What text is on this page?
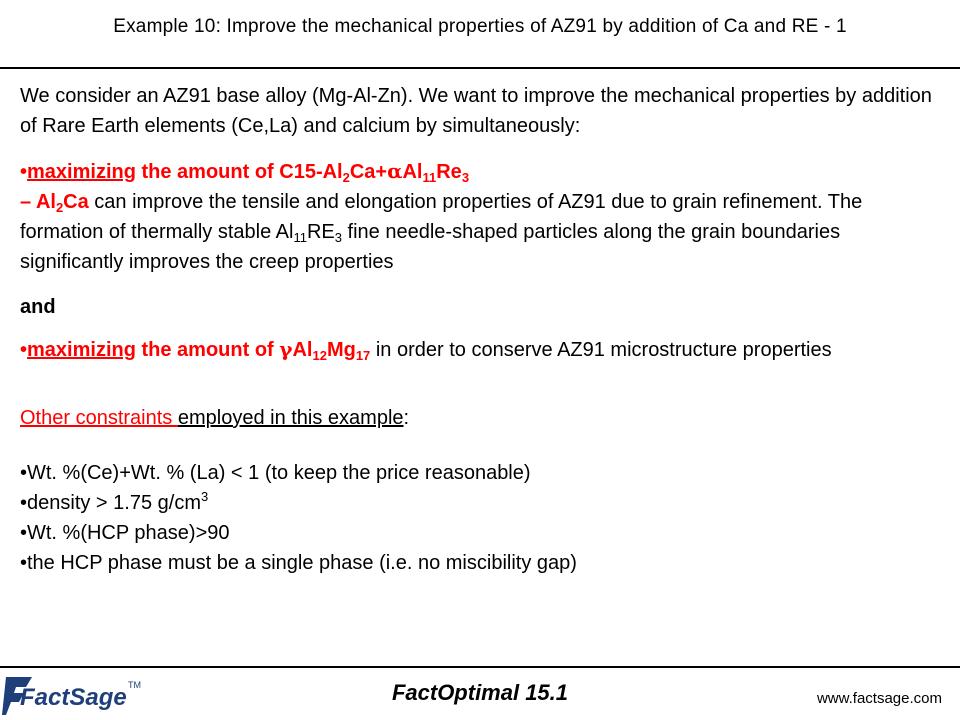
Example 10: Improve the mechanical properties of AZ91 by addition of Ca and RE - 1

We consider an AZ91 base alloy (Mg-Al-Zn). We want to improve the mechanical properties by addition of Rare Earth elements (Ce,La) and calcium by simultaneously:

•maximizing the amount of $C15-Al_2Ca+\alpha Al_{11}Re_3$
– $Al_2Ca$ can improve the tensile and elongation properties of AZ91 due to grain refinement. The formation of thermally stable $Al_{11}RE_3$ fine needle-shaped particles along the grain boundaries significantly improves the creep properties

and

•maximizing the amount of $\gamma Al_{12}Mg_{17}$ in order to conserve AZ91 microstructure properties

Other constraints employed in this example:

•Wt. %(Ce)+Wt. % (La) < 1 (to keep the price reasonable)
•density > 1.75 $g/cm^3$
•Wt. %(HCP phase)>90
•the HCP phase must be a single phase (i.e. no miscibility gap)
FactSage TM	FactOptimal 15.1	www.factsage.com
